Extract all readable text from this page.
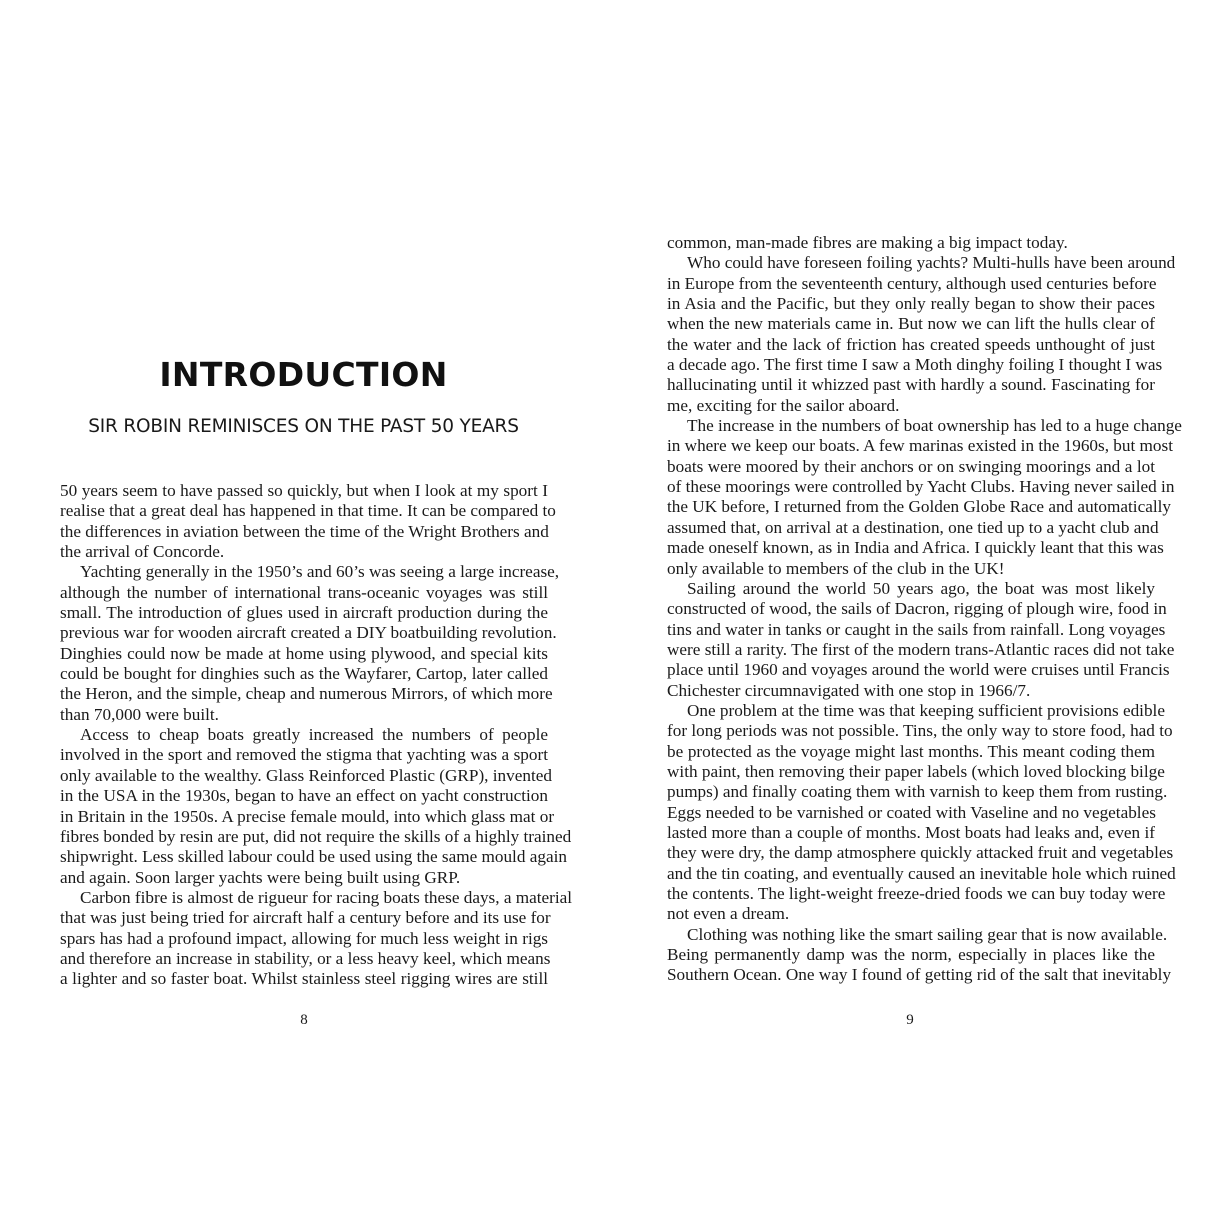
INTRODUCTION
SIR ROBIN REMINISCES ON THE PAST 50 YEARS
50 years seem to have passed so quickly, but when I look at my sport I
realise that a great deal has happened in that time. It can be compared to
the differences in aviation between the time of the Wright Brothers and
the arrival of Concorde.
Yachting generally in the 1950’s and 60’s was seeing a large increase,
although the number of international trans-oceanic voyages was still
small. The introduction of glues used in aircraft production during the
previous war for wooden aircraft created a DIY boatbuilding revolution.
Dinghies could now be made at home using plywood, and special kits
could be bought for dinghies such as the Wayfarer, Cartop, later called
the Heron, and the simple, cheap and numerous Mirrors, of which more
than 70,000 were built.
Access to cheap boats greatly increased the numbers of people
involved in the sport and removed the stigma that yachting was a sport
only available to the wealthy. Glass Reinforced Plastic (GRP), invented
in the USA in the 1930s, began to have an effect on yacht construction
in Britain in the 1950s. A precise female mould, into which glass mat or
fibres bonded by resin are put, did not require the skills of a highly trained
shipwright. Less skilled labour could be used using the same mould again
and again. Soon larger yachts were being built using GRP.
Carbon fibre is almost de rigueur for racing boats these days, a material
that was just being tried for aircraft half a century before and its use for
spars has had a profound impact, allowing for much less weight in rigs
and therefore an increase in stability, or a less heavy keel, which means
a lighter and so faster boat. Whilst stainless steel rigging wires are still
8
common, man-made fibres are making a big impact today.
Who could have foreseen foiling yachts? Multi-hulls have been around
in Europe from the seventeenth century, although used centuries before
in Asia and the Pacific, but they only really began to show their paces
when the new materials came in. But now we can lift the hulls clear of
the water and the lack of friction has created speeds unthought of just
a decade ago. The first time I saw a Moth dinghy foiling I thought I was
hallucinating until it whizzed past with hardly a sound. Fascinating for
me, exciting for the sailor aboard.
The increase in the numbers of boat ownership has led to a huge change
in where we keep our boats. A few marinas existed in the 1960s, but most
boats were moored by their anchors or on swinging moorings and a lot
of these moorings were controlled by Yacht Clubs. Having never sailed in
the UK before, I returned from the Golden Globe Race and automatically
assumed that, on arrival at a destination, one tied up to a yacht club and
made oneself known, as in India and Africa. I quickly leant that this was
only available to members of the club in the UK!
Sailing around the world 50 years ago, the boat was most likely
constructed of wood, the sails of Dacron, rigging of plough wire, food in
tins and water in tanks or caught in the sails from rainfall. Long voyages
were still a rarity. The first of the modern trans-Atlantic races did not take
place until 1960 and voyages around the world were cruises until Francis
Chichester circumnavigated with one stop in 1966/7.
One problem at the time was that keeping sufficient provisions edible
for long periods was not possible. Tins, the only way to store food, had to
be protected as the voyage might last months. This meant coding them
with paint, then removing their paper labels (which loved blocking bilge
pumps) and finally coating them with varnish to keep them from rusting.
Eggs needed to be varnished or coated with Vaseline and no vegetables
lasted more than a couple of months. Most boats had leaks and, even if
they were dry, the damp atmosphere quickly attacked fruit and vegetables
and the tin coating, and eventually caused an inevitable hole which ruined
the contents. The light-weight freeze-dried foods we can buy today were
not even a dream.
Clothing was nothing like the smart sailing gear that is now available.
Being permanently damp was the norm, especially in places like the
Southern Ocean. One way I found of getting rid of the salt that inevitably
9
